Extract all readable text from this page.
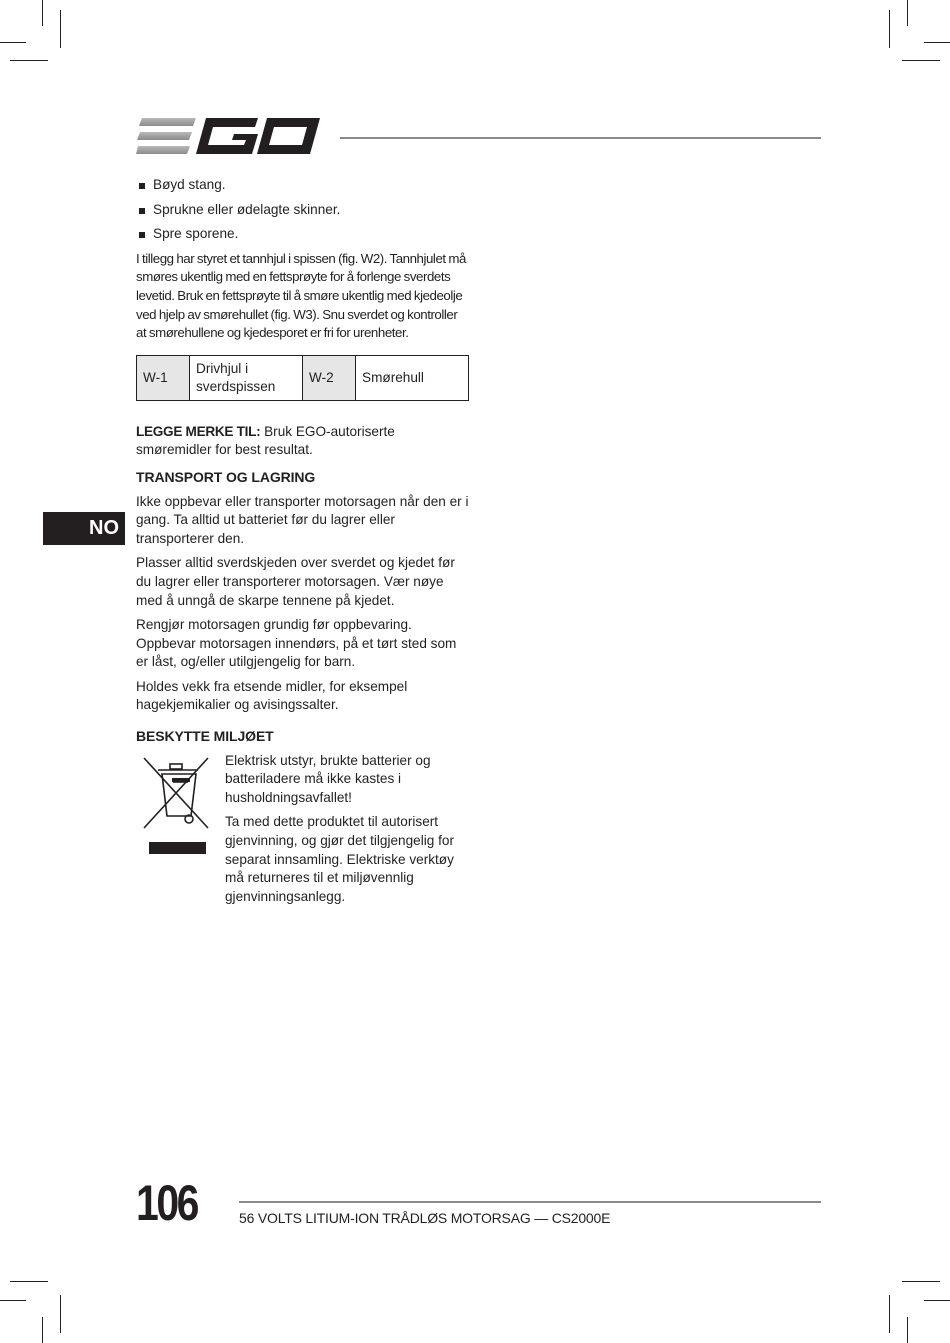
NO
Bøyd stang.
Sprukne eller ødelagte skinner.
Spre sporene.

I tillegg har styret et tannhjul i spissen (fig. W2). Tannhjulet må smøres ukentlig med en fettsprøyte for å forlenge sverdets levetid. Bruk en fettsprøyte til å smøre ukentlig med kjedeolje ved hjelp av smørehullet (fig. W3). Snu sverdet og kontroller at smørehullene og kjedesporet er fri for urenheter.

W-1	Drivhjul i sverdspissen	W-2	Smørehull

LEGGE MERKE TIL: Bruk EGO-autoriserte smøremidler for best resultat.

TRANSPORT OG LAGRING

Ikke oppbevar eller transporter motorsagen når den er i gang. Ta alltid ut batteriet før du lagrer eller transporterer den.

Plasser alltid sverdskjeden over sverdet og kjedet før du lagrer eller transporterer motorsagen. Vær nøye med å unngå de skarpe tennene på kjedet.

Rengjør motorsagen grundig før oppbevaring. Oppbevar motorsagen innendørs, på et tørt sted som er låst, og/eller utilgjengelig for barn.

Holdes vekk fra etsende midler, for eksempel hagekjemikalier og avisingssalter.

BESKYTTE MILJØET

Elektrisk utstyr, brukte batterier og batteriladere må ikke kastes i husholdningsavfallet!

Ta med dette produktet til autorisert gjenvinning, og gjør det tilgjengelig for separat innsamling. Elektriske verktøy må returneres til et miljøvennlig gjenvinningsanlegg.

106	56 VOLTS LITIUM-ION TRÅDLØS MOTORSAG — CS2000E
